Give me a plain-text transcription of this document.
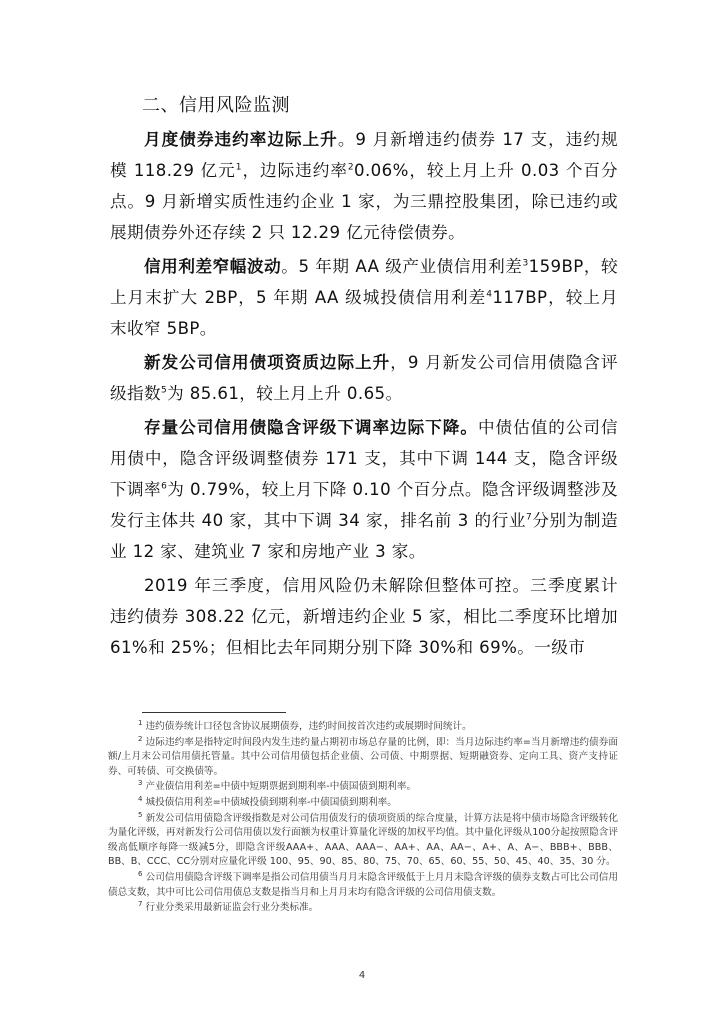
二、信用风险监测

月度债券违约率边际上升。9 月新增违约债券 17 支，违约规模 118.29 亿元$^1$，边际违约率$^2$0.06%，较上月上升 0.03 个百分点。9 月新增实质性违约企业 1 家，为三鼎控股集团，除已违约或展期债券外还存续 2 只 12.29 亿元待偿债券。

信用利差窄幅波动。5 年期 AA 级产业债信用利差$^3$159BP，较上月末扩大 2BP，5 年期 AA 级城投债信用利差$^4$117BP，较上月末收窄 5BP。

新发公司信用债项资质边际上升，9 月新发公司信用债隐含评级指数$^5$为 85.61，较上月上升 0.65。

存量公司信用债隐含评级下调率边际下降。中债估值的公司信用债中，隐含评级调整债券 171 支，其中下调 144 支，隐含评级下调率$^6$为 0.79%，较上月下降 0.10 个百分点。隐含评级调整涉及发行主体共 40 家，其中下调 34 家，排名前 3 的行业$^7$分别为制造业 12 家、建筑业 7 家和房地产业 3 家。

2019 年三季度，信用风险仍未解除但整体可控。三季度累计违约债券 308.22 亿元，新增违约企业 5 家，相比二季度环比增加 61%和 25%；但相比去年同期分别下降 30%和 69%。一级市

$^1$ 违约债券统计口径包含协议展期债券，违约时间按首次违约或展期时间统计。

$^2$ 边际违约率是指特定时间段内发生违约量占期初市场总存量的比例，即：当月边际违约率=当月新增违约债券面额/上月末公司信用债托管量。其中公司信用债包括企业债、公司债、中期票据、短期融资券、定向工具、资产支持证券、可转债、可交换债等。

$^3$ 产业债信用利差=中债中短期票据到期利率-中债国债到期利率。

$^4$ 城投债信用利差=中债城投债到期利率-中债国债到期利率。

$^5$ 新发公司信用债隐含评级指数是对公司信用债发行的债项资质的综合度量，计算方法是将中债市场隐含评级转化为量化评级，再对新发行公司信用债以发行面额为权重计算量化评级的加权平均值。其中量化评级从100分起按照隐含评级高低顺序每降一级减5分，即隐含评级AAA+、AAA、AAA−、AA+、AA、AA−、A+、A、A−、BBB+、BBB、BB、B、CCC、CC分别对应量化评级 100、95、90、85、80、75、70、65、60、55、50、45、40、35、30 分。

$^6$ 公司信用债隐含评级下调率是指公司信用债当月月末隐含评级低于上月月末隐含评级的债券支数占可比公司信用债总支数，其中可比公司信用债总支数是指当月和上月月末均有隐含评级的公司信用债支数。

$^7$ 行业分类采用最新证监会行业分类标准。

4
